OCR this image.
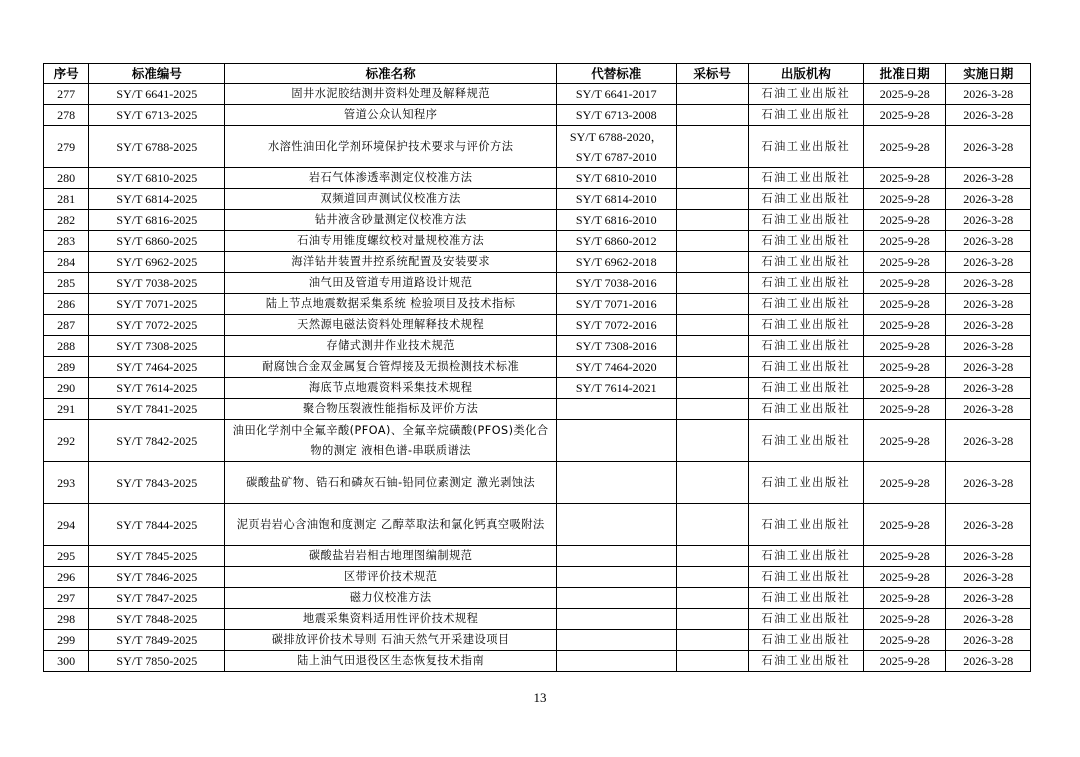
序号	标准编号	标准名称	代替标准	采标号	出版机构	批准日期	实施日期
277	SY/T 6641-2025	固井水泥胶结测井资料处理及解释规范	SY/T 6641-2017		石油工业出版社	2025-9-28	2026-3-28
278	SY/T 6713-2025	管道公众认知程序	SY/T 6713-2008		石油工业出版社	2025-9-28	2026-3-28
279	SY/T 6788-2025	水溶性油田化学剂环境保护技术要求与评价方法	SY/T 6788-2020，SY/T 6787-2010		石油工业出版社	2025-9-28	2026-3-28
280	SY/T 6810-2025	岩石气体渗透率测定仪校准方法	SY/T 6810-2010		石油工业出版社	2025-9-28	2026-3-28
281	SY/T 6814-2025	双频道回声测试仪校准方法	SY/T 6814-2010		石油工业出版社	2025-9-28	2026-3-28
282	SY/T 6816-2025	钻井液含砂量测定仪校准方法	SY/T 6816-2010		石油工业出版社	2025-9-28	2026-3-28
283	SY/T 6860-2025	石油专用锥度螺纹校对量规校准方法	SY/T 6860-2012		石油工业出版社	2025-9-28	2026-3-28
284	SY/T 6962-2025	海洋钻井装置井控系统配置及安装要求	SY/T 6962-2018		石油工业出版社	2025-9-28	2026-3-28
285	SY/T 7038-2025	油气田及管道专用道路设计规范	SY/T 7038-2016		石油工业出版社	2025-9-28	2026-3-28
286	SY/T 7071-2025	陆上节点地震数据采集系统 检验项目及技术指标	SY/T 7071-2016		石油工业出版社	2025-9-28	2026-3-28
287	SY/T 7072-2025	天然源电磁法资料处理解释技术规程	SY/T 7072-2016		石油工业出版社	2025-9-28	2026-3-28
288	SY/T 7308-2025	存储式测井作业技术规范	SY/T 7308-2016		石油工业出版社	2025-9-28	2026-3-28
289	SY/T 7464-2025	耐腐蚀合金双金属复合管焊接及无损检测技术标准	SY/T 7464-2020		石油工业出版社	2025-9-28	2026-3-28
290	SY/T 7614-2025	海底节点地震资料采集技术规程	SY/T 7614-2021		石油工业出版社	2025-9-28	2026-3-28
291	SY/T 7841-2025	聚合物压裂液性能指标及评价方法			石油工业出版社	2025-9-28	2026-3-28
292	SY/T 7842-2025	油田化学剂中全氟辛酸(PFOA)、全氟辛烷磺酸(PFOS)类化合物的测定 液相色谱-串联质谱法			石油工业出版社	2025-9-28	2026-3-28
293	SY/T 7843-2025	碳酸盐矿物、锆石和磷灰石铀-铅同位素测定 激光剥蚀法			石油工业出版社	2025-9-28	2026-3-28
294	SY/T 7844-2025	泥页岩岩心含油饱和度测定 乙醇萃取法和氯化钙真空吸附法			石油工业出版社	2025-9-28	2026-3-28
295	SY/T 7845-2025	碳酸盐岩岩相古地理图编制规范			石油工业出版社	2025-9-28	2026-3-28
296	SY/T 7846-2025	区带评价技术规范			石油工业出版社	2025-9-28	2026-3-28
297	SY/T 7847-2025	磁力仪校准方法			石油工业出版社	2025-9-28	2026-3-28
298	SY/T 7848-2025	地震采集资料适用性评价技术规程			石油工业出版社	2025-9-28	2026-3-28
299	SY/T 7849-2025	碳排放评价技术导则 石油天然气开采建设项目			石油工业出版社	2025-9-28	2026-3-28
300	SY/T 7850-2025	陆上油气田退役区生态恢复技术指南			石油工业出版社	2025-9-28	2026-3-28
13
